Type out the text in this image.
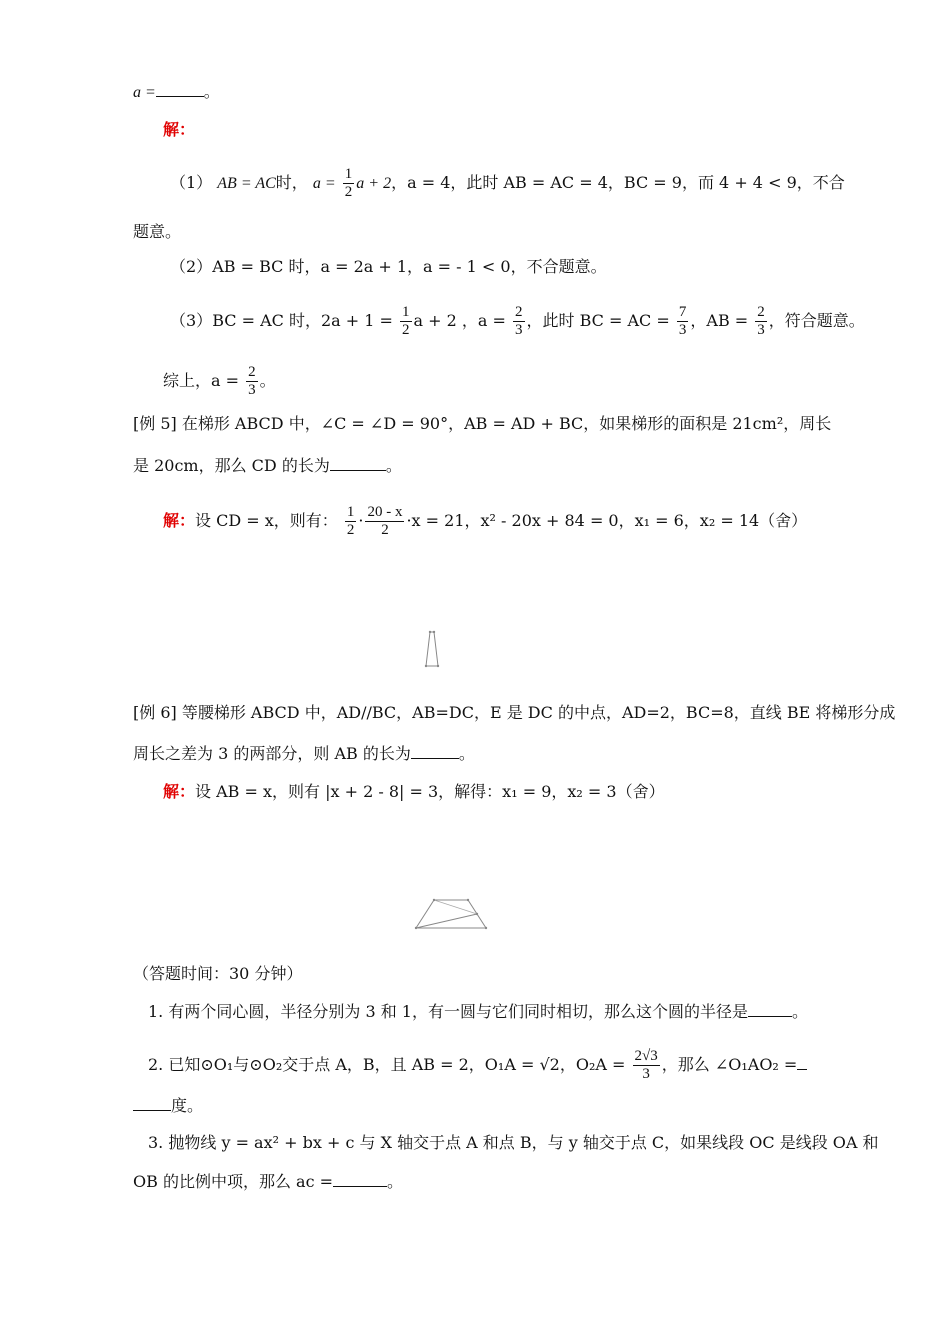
a =	。
解：
（1） AB = AC时， $a = \frac{1}{2}$ a + 2，a = 4，此时 AB = AC = 4，BC = 9，而 4 + 4 < 9，不合
题意。
（2）AB = BC 时，a = 2a + 1，a = - 1 < 0，不合题意。
（3）BC = AC 时，$2a + 1 = \frac{1}{2}$ a + 2 ，$a = \frac{2}{3}$ ，此时 BC = AC = $\frac{7}{3}$ ，AB = $\frac{2}{3}$ ，符合题意。
综上，$a = \frac{2}{3}$ 。
[例 5] 在梯形 ABCD 中，∠C = ∠D = 90°，AB = AD + BC，如果梯形的面积是 21cm²，周长
是 20cm，那么 CD 的长为	。
解：设 CD = x，则有： $\frac{1}{2} \cdot \frac{20 - x}{2} \cdot x = 21$，x² - 20x + 84 = 0，x₁ = 6，x₂ = 14（舍）
[例 6] 等腰梯形 ABCD 中，AD//BC，AB=DC，E 是 DC 的中点，AD=2，BC=8，直线 BE 将梯形分成
周长之差为 3 的两部分，则 AB 的长为	。
解：设 AB = x，则有 |x + 2 - 8| = 3，解得：x₁ = 9，x₂ = 3（舍）
（答题时间：30 分钟）
1. 有两个同心圆，半径分别为 3 和 1，有一圆与它们同时相切，那么这个圆的半径是	。
2. 已知⊙O₁与⊙O₂交于点 A，B，且 AB = 2，O₁A = √2，$O_2A = \frac{2√3}{3}$ ，那么 ∠O₁AO₂ =
度。
3. 抛物线 y = ax² + bx + c 与 X 轴交于点 A 和点 B，与 y 轴交于点 C，如果线段 OC 是线段 OA 和
OB 的比例中项，那么 ac =	。
